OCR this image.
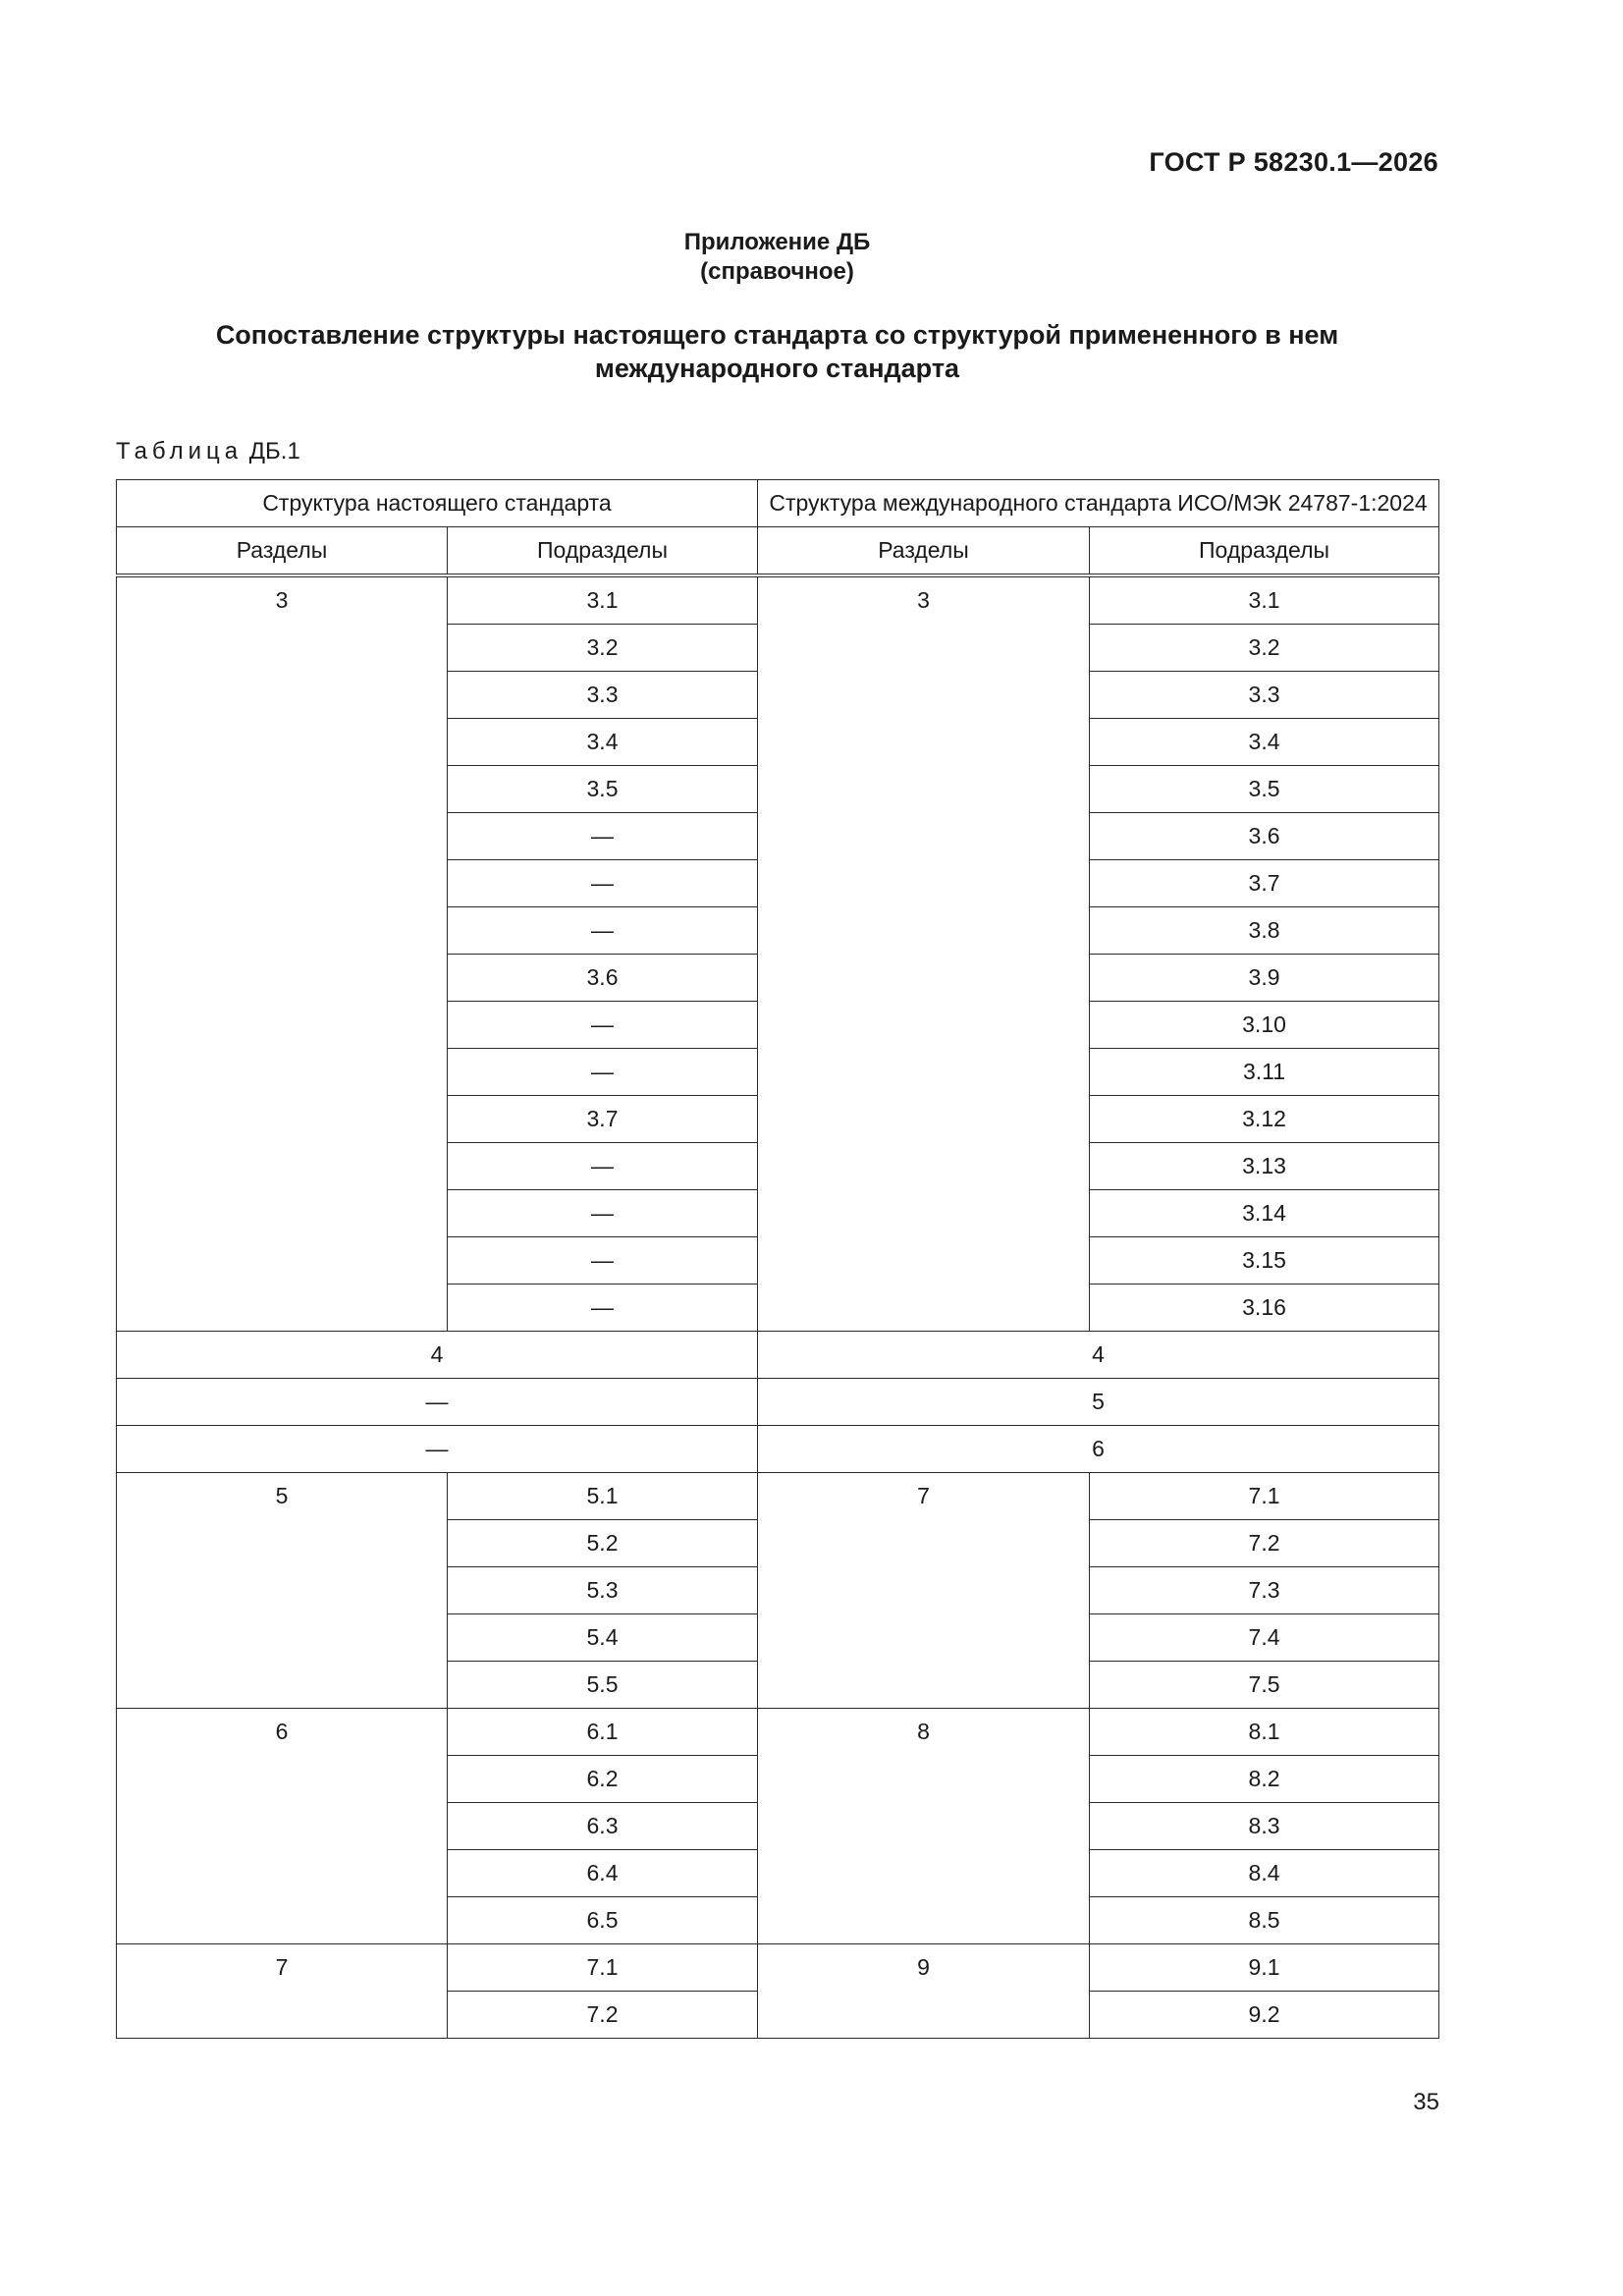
ГОСТ Р 58230.1—2026
Приложение ДБ
(справочное)
Сопоставление структуры настоящего стандарта со структурой примененного в нем
международного стандарта
Таблица ДБ.1
Структура настоящего стандарта		Структура международного стандарта ИСО/МЭК 24787-1:2024	
Разделы	Подразделы	Разделы	Подразделы
3	3.1	3	3.1
	3.2		3.2
	3.3		3.3
	3.4		3.4
	3.5		3.5
	—		3.6
	—		3.7
	—		3.8
	3.6		3.9
	—		3.10
	—		3.11
	3.7		3.12
	—		3.13
	—		3.14
	—		3.15
	—		3.16
4		4	
—		5	
—		6	
5	5.1	7	7.1
	5.2		7.2
	5.3		7.3
	5.4		7.4
	5.5		7.5
6	6.1	8	8.1
	6.2		8.2
	6.3		8.3
	6.4		8.4
	6.5		8.5
7	7.1	9	9.1
	7.2		9.2
35
